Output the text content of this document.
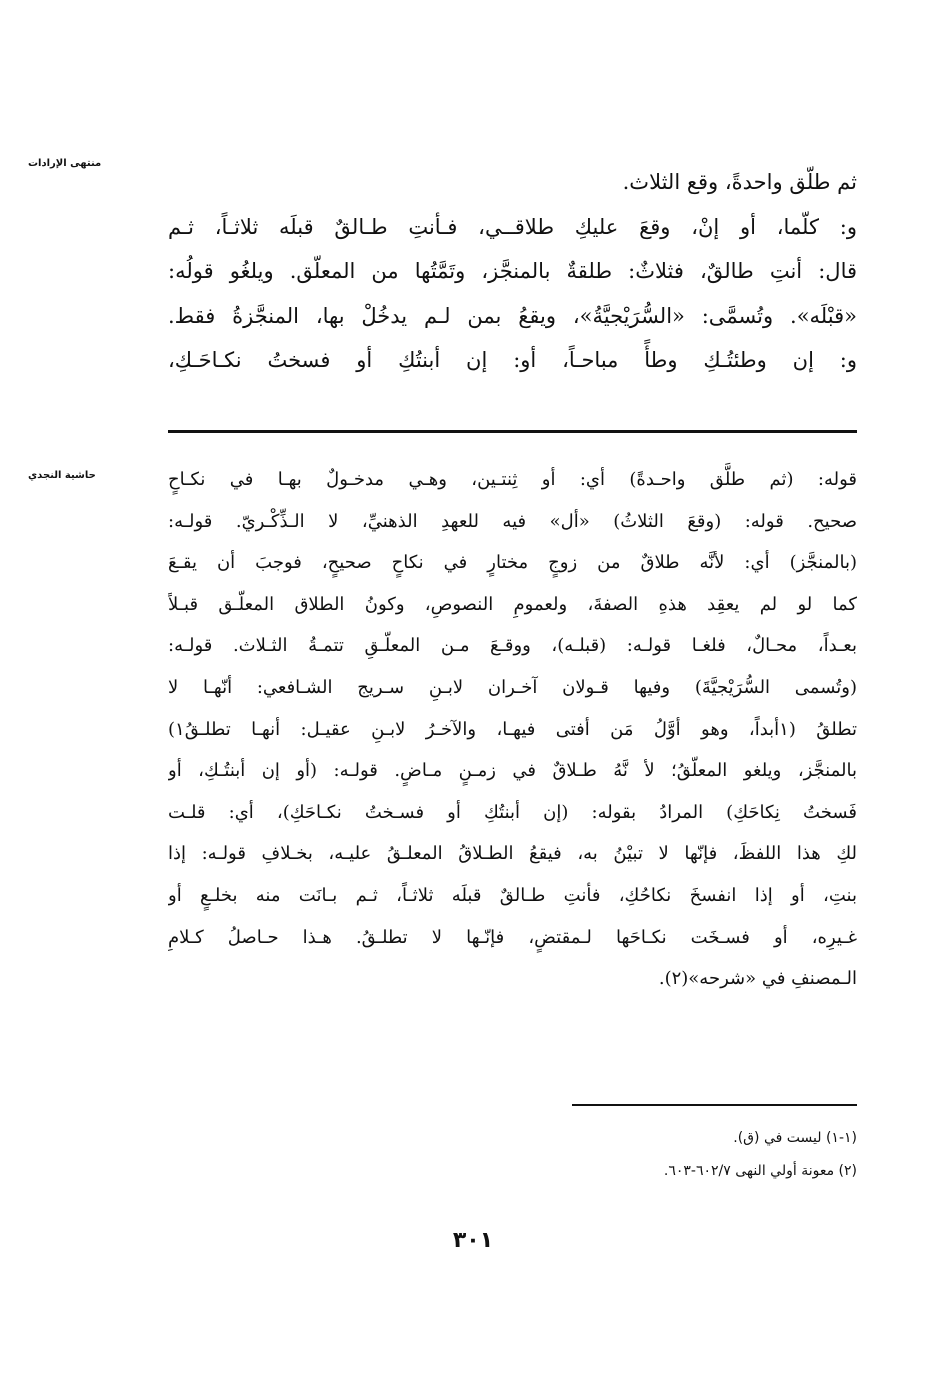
منتهى الإرادات
حاشية النجدي
ثم طلّق واحدةً، وقع الثلاث.
و: كلّما، أو إنْ، وقعَ عليكِ طلاقــي، فـأنتِ طـالقٌ قبلَه ثلاثـاً، ثـم
قال: أنتِ طالقٌ، فثلاثٌ: طلقةٌ بالمنجَّز، وتَمَّتُها من المعلّق. ويلغُو قولُه:
«قبْلَه». وتُسمَّى: «السُّرَيْجيَّةُ»، ويقعُ بمن لـم يدخُلْ بها، المنجَّزةُ فقط.
و: إن وطئتُـكِ وطأً مباحـاً، أو: إن أبنتُكِ أو فسختُ نكـاحَـكِ،
قوله: (ثم طلَّق واحـدةً) أي: أو ثِنتـين، وهـي مدخـولٌ بهـا في نكـاحٍ
صحيح. قوله: (وقعَ الثلاثُ) «أل» فيه للعهدِ الذهنيِّ، لا الـذِّكْـريّ. قولـه:
(بالمنجَّز) أي: لأنَّه طلاقٌ من زوجٍ مختارٍ في نكاحٍ صحيحٍ، فوجبَ أن يقـعَ
كما لو لم يعقِد هذهِ الصفةَ، ولعمومِ النصوصِ، وكونُ الطلاق المعلّـق قبـلاً
بعـداً، محـالٌ، فلغـا قولـه: (قبلـه)، ووقـعَ مـن المعلّـقِ تتمـةُ الثـلاث. قولـه:
(وتُسمى السُّرَيْجيَّةَ) وفيها قـولان آخـران لابـنِ سـريج الشـافعي: أنّهـا لا
تطلقُ (١أبداً، وهو أوَّلُ مَن أفتى فيهـا، والآخـرُ لابـنِ عقيـل: أنهـا تطلـقُ١)
بالمنجَّز، ويلغو المعلّقُ؛ لأ نَّهُ طـلاقٌ في زمـنٍ مـاضٍ. قولـه: (أو إن أبنتُـكِ، أو
فَسختُ نِكاحَكِ) المرادُ بقوله: (إن أبنتُكِ أو فسـختُ نكـاحَكِ)، أي: قلـت
لكِ هذا اللفظَ، فإنّها لا تبيْنُ به، فيقعُ الطـلاقُ المعلـقُ عليـه، بخـلافِ قولـه: إذا
بنتِ، أو إذا انفسخَ نكاحُكِ، فأنتِ طـالقٌ قبلَه ثلاثـاً، ثـم بـانَت منه بخلـعٍ أو
غـيرِه، أو فسـخَت نكـاحَها لـمقتضٍ، فإنّـها لا تطلـقُ. هـذا حـاصلُ كـلامِ
الـمصنفِ في «شرحه»(٢).
(١-١) ليست في (ق).
(٢) معونة أولي النهى ٦٠٢/٧-٦٠٣.
٣٠١
